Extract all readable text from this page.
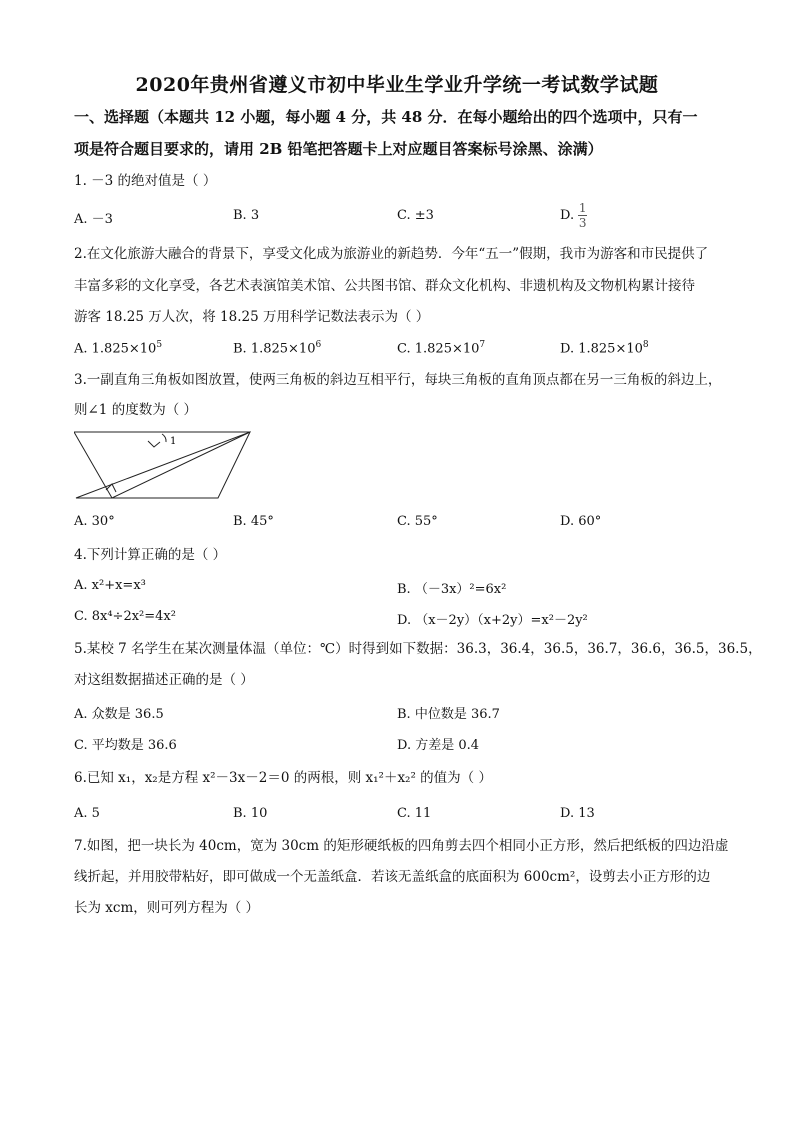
2020年贵州省遵义市初中毕业生学业升学统一考试数学试题
一、选择题（本题共 12 小题，每小题 4 分，共 48 分．在每小题给出的四个选项中，只有一
项是符合题目要求的，请用 2B 铅笔把答题卡上对应题目答案标号涂黑、涂满）
1. －3 的绝对值是（ ）
A. －3	B. 3	C. ±3	D. $\frac{1}{3}$
2.在文化旅游大融合的背景下，享受文化成为旅游业的新趋势．今年“五一”假期，我市为游客和市民提供了
丰富多彩的文化享受，各艺术表演馆美术馆、公共图书馆、群众文化机构、非遗机构及文物机构累计接待
游客 18.25 万人次，将 18.25 万用科学记数法表示为（ ）
A. $1.825\times 10^5$	B. $1.825\times 10^6$	C. $1.825\times 10^7$	D. $1.825\times 10^8$
3.一副直角三角板如图放置，使两三角板的斜边互相平行，每块三角板的直角顶点都在另一三角板的斜边上，
则∠1 的度数为（ ）
1
A. 30°	B. 45°	C. 55°	D. 60°
4.下列计算正确的是（ ）
A. x²+x=x³	B. （－3x）²=6x²
C. 8x⁴÷2x²=4x²	D. （x－2y）（x+2y）=x²－2y²
5.某校 7 名学生在某次测量体温（单位：℃）时得到如下数据：36.3，36.4，36.5，36.7，36.6，36.5，36.5，
对这组数据描述正确的是（ ）
A. 众数是 36.5	B. 中位数是 36.7
C. 平均数是 36.6	D. 方差是 0.4
6.已知 x₁，x₂是方程 x²－3x－2＝0 的两根，则 x₁²＋x₂² 的值为（ ）
A. 5	B. 10	C. 11	D. 13
7.如图，把一块长为 40cm，宽为 30cm 的矩形硬纸板的四角剪去四个相同小正方形，然后把纸板的四边沿虚
线折起，并用胶带粘好，即可做成一个无盖纸盒．若该无盖纸盒的底面积为 600cm²，设剪去小正方形的边
长为 xcm，则可列方程为（ ）
